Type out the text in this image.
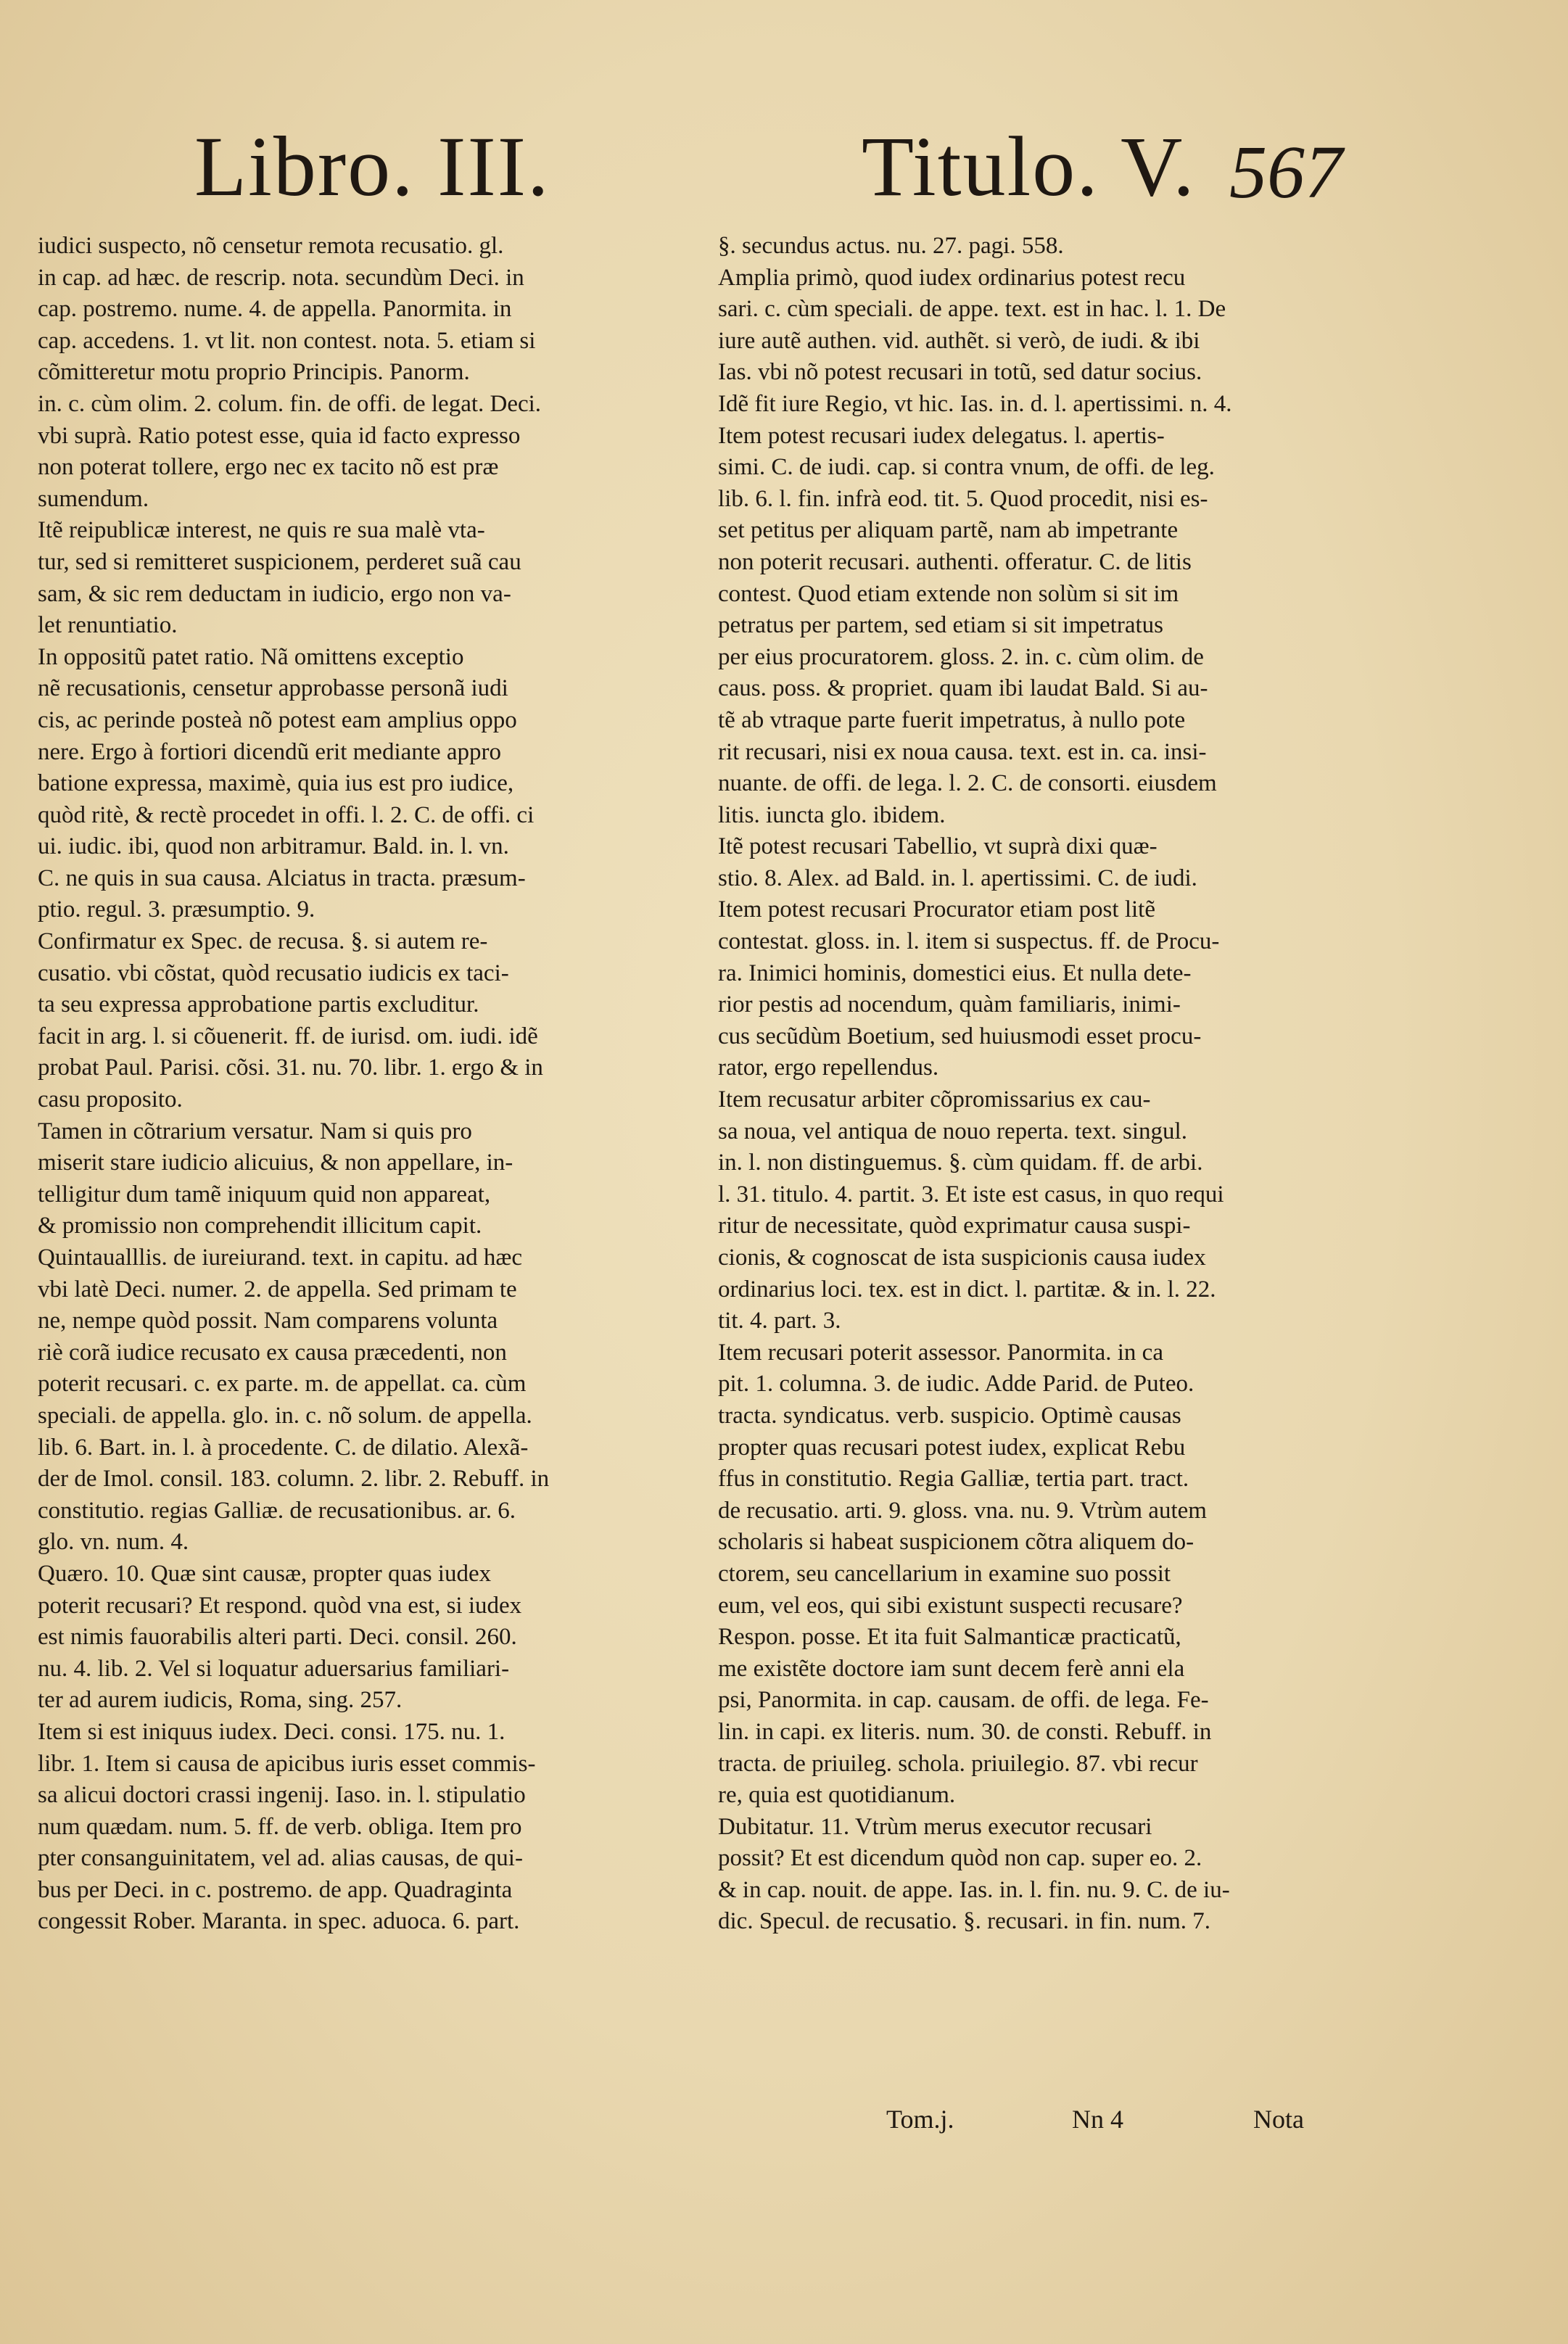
Libro. III.	Titulo. V. 567
iudici suspecto, nõ censetur remota recusatio. gl.
in cap. ad hæc. de rescrip. nota. secundùm Deci. in
cap. postremo. nume. 4. de appella. Panormita. in
cap. accedens. 1. vt lit. non contest. nota. 5. etiam si
cõmitteretur motu proprio Principis. Panorm.
in. c. cùm olim. 2. colum. fin. de offi. de legat. Deci.
vbi suprà. Ratio potest esse, quia id facto expresso
non poterat tollere, ergo nec ex tacito nõ est præ
sumendum.
Itẽ reipublicæ interest, ne quis re sua malè vta-
tur, sed si remitteret suspicionem, perderet suã cau
sam, & sic rem deductam in iudicio, ergo non va-
let renuntiatio.
In oppositũ patet ratio. Nã omittens exceptio
nẽ recusationis, censetur approbasse personã iudi
cis, ac perinde posteà nõ potest eam amplius oppo
nere. Ergo à fortiori dicendũ erit mediante appro
batione expressa, maximè, quia ius est pro iudice,
quòd ritè, & rectè procedet in offi. l. 2. C. de offi. ci
ui. iudic. ibi, quod non arbitramur. Bald. in. l. vn.
C. ne quis in sua causa. Alciatus in tracta. præsum-
ptio. regul. 3. præsumptio. 9.
Confirmatur ex Spec. de recusa. §. si autem re-
cusatio. vbi cõstat, quòd recusatio iudicis ex taci-
ta seu expressa approbatione partis excluditur.
facit in arg. l. si cõuenerit. ff. de iurisd. om. iudi. idẽ
probat Paul. Parisi. cõsi. 31. nu. 70. libr. 1. ergo & in
casu proposito.
Tamen in cõtrarium versatur. Nam si quis pro
miserit stare iudicio alicuius, & non appellare, in-
telligitur dum tamẽ iniquum quid non appareat,
& promissio non comprehendit illicitum capit.
Quintaualllis. de iureiurand. text. in capitu. ad hæc
vbi latè Deci. numer. 2. de appella. Sed primam te
ne, nempe quòd possit. Nam comparens volunta
riè corã iudice recusato ex causa præcedenti, non
poterit recusari. c. ex parte. m. de appellat. ca. cùm
speciali. de appella. glo. in. c. nõ solum. de appella.
lib. 6. Bart. in. l. à procedente. C. de dilatio. Alexã-
der de Imol. consil. 183. column. 2. libr. 2. Rebuff. in
constitutio. regias Galliæ. de recusationibus. ar. 6.
glo. vn. num. 4.
Quæro. 10. Quæ sint causæ, propter quas iudex
poterit recusari? Et respond. quòd vna est, si iudex
est nimis fauorabilis alteri parti. Deci. consil. 260.
nu. 4. lib. 2. Vel si loquatur aduersarius familiari-
ter ad aurem iudicis, Roma, sing. 257.
Item si est iniquus iudex. Deci. consi. 175. nu. 1.
libr. 1. Item si causa de apicibus iuris esset commis-
sa alicui doctori crassi ingenij. Iaso. in. l. stipulatio
num quædam. num. 5. ff. de verb. obliga. Item pro
pter consanguinitatem, vel ad. alias causas, de qui-
bus per Deci. in c. postremo. de app. Quadraginta
congessit Rober. Maranta. in spec. aduoca. 6. part.
§. secundus actus. nu. 27. pagi. 558.
Amplia primò, quod iudex ordinarius potest recu
sari. c. cùm speciali. de appe. text. est in hac. l. 1. De
iure autẽ authen. vid. authẽt. si verò, de iudi. & ibi
Ias. vbi nõ potest recusari in totũ, sed datur socius.
Idẽ fit iure Regio, vt hic. Ias. in. d. l. apertissimi. n. 4.
Item potest recusari iudex delegatus. l. apertis-
simi. C. de iudi. cap. si contra vnum, de offi. de leg.
lib. 6. l. fin. infrà eod. tit. 5. Quod procedit, nisi es-
set petitus per aliquam partẽ, nam ab impetrante
non poterit recusari. authenti. offeratur. C. de litis
contest. Quod etiam extende non solùm si sit im
petratus per partem, sed etiam si sit impetratus
per eius procuratorem. gloss. 2. in. c. cùm olim. de
caus. poss. & propriet. quam ibi laudat Bald. Si au-
tẽ ab vtraque parte fuerit impetratus, à nullo pote
rit recusari, nisi ex noua causa. text. est in. ca. insi-
nuante. de offi. de lega. l. 2. C. de consorti. eiusdem
litis. iuncta glo. ibidem.
Itẽ potest recusari Tabellio, vt suprà dixi quæ-
stio. 8. Alex. ad Bald. in. l. apertissimi. C. de iudi.
Item potest recusari Procurator etiam post litẽ
contestat. gloss. in. l. item si suspectus. ff. de Procu-
ra. Inimici hominis, domestici eius. Et nulla dete-
rior pestis ad nocendum, quàm familiaris, inimi-
cus secũdùm Boetium, sed huiusmodi esset procu-
rator, ergo repellendus.
Item recusatur arbiter cõpromissarius ex cau-
sa noua, vel antiqua de nouo reperta. text. singul.
in. l. non distinguemus. §. cùm quidam. ff. de arbi.
l. 31. titulo. 4. partit. 3. Et iste est casus, in quo requi
ritur de necessitate, quòd exprimatur causa suspi-
cionis, & cognoscat de ista suspicionis causa iudex
ordinarius loci. tex. est in dict. l. partitæ. & in. l. 22.
tit. 4. part. 3.
Item recusari poterit assessor. Panormita. in ca
pit. 1. columna. 3. de iudic. Adde Parid. de Puteo.
tracta. syndicatus. verb. suspicio. Optimè causas
propter quas recusari potest iudex, explicat Rebu
ffus in constitutio. Regia Galliæ, tertia part. tract.
de recusatio. arti. 9. gloss. vna. nu. 9. Vtrùm autem
scholaris si habeat suspicionem cõtra aliquem do-
ctorem, seu cancellarium in examine suo possit
eum, vel eos, qui sibi existunt suspecti recusare?
Respon. posse. Et ita fuit Salmanticæ practicatũ,
me existẽte doctore iam sunt decem ferè anni ela
psi, Panormita. in cap. causam. de offi. de lega. Fe-
lin. in capi. ex literis. num. 30. de consti. Rebuff. in
tracta. de priuileg. schola. priuilegio. 87. vbi recur
re, quia est quotidianum.
Dubitatur. 11. Vtrùm merus executor recusari
possit? Et est dicendum quòd non cap. super eo. 2.
& in cap. nouit. de appe. Ias. in. l. fin. nu. 9. C. de iu-
dic. Specul. de recusatio. §. recusari. in fin. num. 7.
Tom.j.	Nn 4	Nota
